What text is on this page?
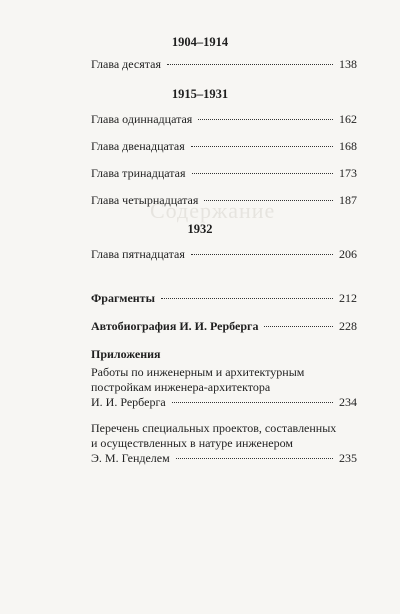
Содержание
1904–1914
Глава десятая	138
1915–1931
Глава одиннадцатая	162
Глава двенадцатая	168
Глава тринадцатая	173
Глава четырнадцатая	187
1932
Глава пятнадцатая	206
Фрагменты	212
Автобиография И. И. Рерберга	228
Приложения
Работы по инженерным и архитектурным
постройкам инженера-архитектора
И. И. Рерберга	234
Перечень специальных проектов, составленных
и осуществленных в натуре инженером
Э. М. Генделем	235
